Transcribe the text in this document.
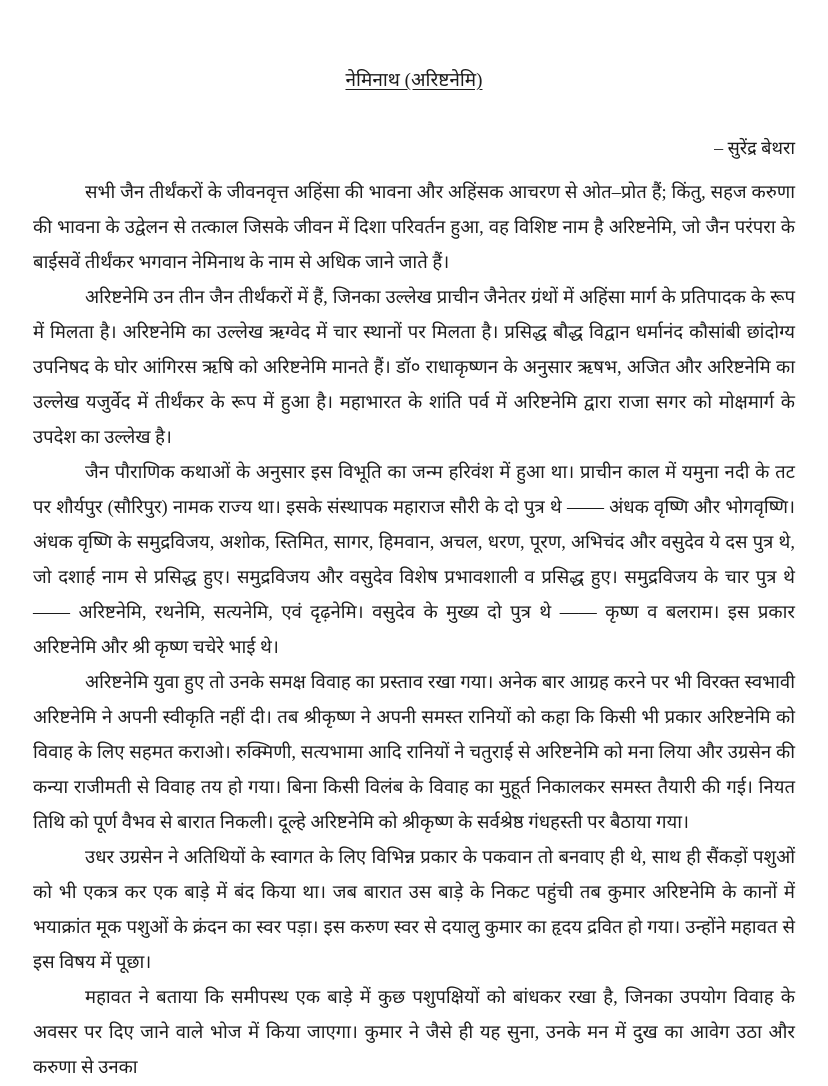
नेमिनाथ (अरिष्टनेमि)
– सुरेंद्र बेथरा

सभी जैन तीर्थंकरों के जीवनवृत्त अहिंसा की भावना और अहिंसक आचरण से ओत–प्रोत हैं; किंतु, सहज करुणा की भावना के उद्वेलन से तत्काल जिसके जीवन में दिशा परिवर्तन हुआ, वह विशिष्ट नाम है अरिष्टनेमि, जो जैन परंपरा के बाईसवें तीर्थंकर भगवान नेमिनाथ के नाम से अधिक जाने जाते हैं।

अरिष्टनेमि उन तीन जैन तीर्थंकरों में हैं, जिनका उल्लेख प्राचीन जैनेतर ग्रंथों में अहिंसा मार्ग के प्रतिपादक के रूप में मिलता है। अरिष्टनेमि का उल्लेख ऋग्वेद में चार स्थानों पर मिलता है। प्रसिद्ध बौद्ध विद्वान धर्मानंद कौसांबी छांदोग्य उपनिषद के घोर आंगिरस ऋषि को अरिष्टनेमि मानते हैं। डॉ० राधाकृष्णन के अनुसार ऋषभ, अजित और अरिष्टनेमि का उल्लेख यजुर्वेद में तीर्थंकर के रूप में हुआ है। महाभारत के शांति पर्व में अरिष्टनेमि द्वारा राजा सगर को मोक्षमार्ग के उपदेश का उल्लेख है।

जैन पौराणिक कथाओं के अनुसार इस विभूति का जन्म हरिवंश में हुआ था। प्राचीन काल में यमुना नदी के तट पर शौर्यपुर (सौरिपुर) नामक राज्य था। इसके संस्थापक महाराज सौरी के दो पुत्र थे —— अंधक वृष्णि और भोगवृष्णि। अंधक वृष्णि के समुद्रविजय, अशोक, स्तिमित, सागर, हिमवान, अचल, धरण, पूरण, अभिचंद और वसुदेव ये दस पुत्र थे, जो दशार्ह नाम से प्रसिद्ध हुए। समुद्रविजय और वसुदेव विशेष प्रभावशाली व प्रसिद्ध हुए। समुद्रविजय के चार पुत्र थे —— अरिष्टनेमि, रथनेमि, सत्यनेमि, एवं दृढ़नेमि। वसुदेव के मुख्य दो पुत्र थे —— कृष्ण व बलराम। इस प्रकार अरिष्टनेमि और श्री कृष्ण चचेरे भाई थे।

अरिष्टनेमि युवा हुए तो उनके समक्ष विवाह का प्रस्ताव रखा गया। अनेक बार आग्रह करने पर भी विरक्त स्वभावी अरिष्टनेमि ने अपनी स्वीकृति नहीं दी। तब श्रीकृष्ण ने अपनी समस्त रानियों को कहा कि किसी भी प्रकार अरिष्टनेमि को विवाह के लिए सहमत कराओ। रुक्मिणी, सत्यभामा आदि रानियों ने चतुराई से अरिष्टनेमि को मना लिया और उग्रसेन की कन्या राजीमती से विवाह तय हो गया। बिना किसी विलंब के विवाह का मुहूर्त निकालकर समस्त तैयारी की गई। नियत तिथि को पूर्ण वैभव से बारात निकली। दूल्हे अरिष्टनेमि को श्रीकृष्ण के सर्वश्रेष्ठ गंधहस्ती पर बैठाया गया।

उधर उग्रसेन ने अतिथियों के स्वागत के लिए विभिन्न प्रकार के पकवान तो बनवाए ही थे, साथ ही सैंकड़ों पशुओं को भी एकत्र कर एक बाड़े में बंद किया था। जब बारात उस बाड़े के निकट पहुंची तब कुमार अरिष्टनेमि के कानों में भयाक्रांत मूक पशुओं के क्रंदन का स्वर पड़ा। इस करुण स्वर से दयालु कुमार का हृदय द्रवित हो गया। उन्होंने महावत से इस विषय में पूछा।

महावत ने बताया कि समीपस्थ एक बाड़े में कुछ पशुपक्षियों को बांधकर रखा है, जिनका उपयोग विवाह के अवसर पर दिए जाने वाले भोज में किया जाएगा। कुमार ने जैसे ही यह सुना, उनके मन में दुख का आवेग उठा और करुणा से उनका
